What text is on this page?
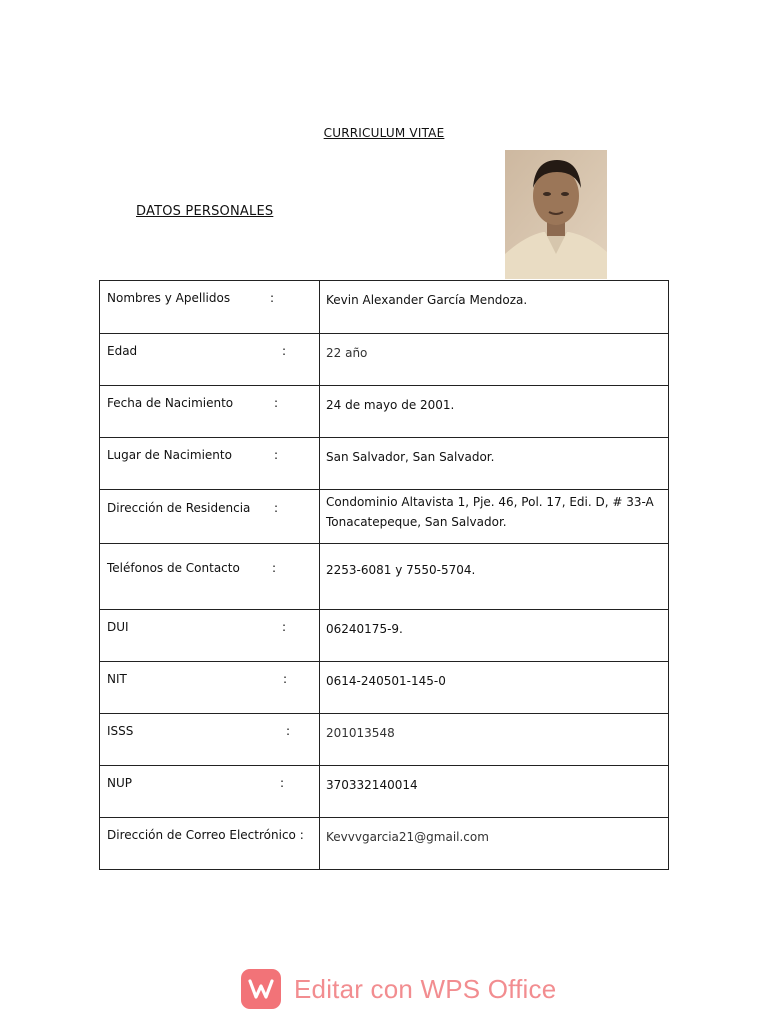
CURRICULUM VITAE
DATOS PERSONALES
Nombres y Apellidos	:	Kevin Alexander García Mendoza.
Edad	:	22 año
Fecha de Nacimiento	:	24 de mayo de 2001.
Lugar de Nacimiento	:	San Salvador, San Salvador.
Dirección de Residencia :	Condominio Altavista 1, Pje. 46, Pol. 17, Edi. D, # 33-A
Tonacatepeque, San Salvador.
Teléfonos de Contacto	:	2253-6081 y 7550-5704.
DUI	:	06240175-9.
NIT	:	0614-240501-145-0
ISSS	:	201013548
NUP	:	370332140014
Dirección de Correo Electrónico : Kevvvgarcia21@gmail.com
Editar con WPS Office
